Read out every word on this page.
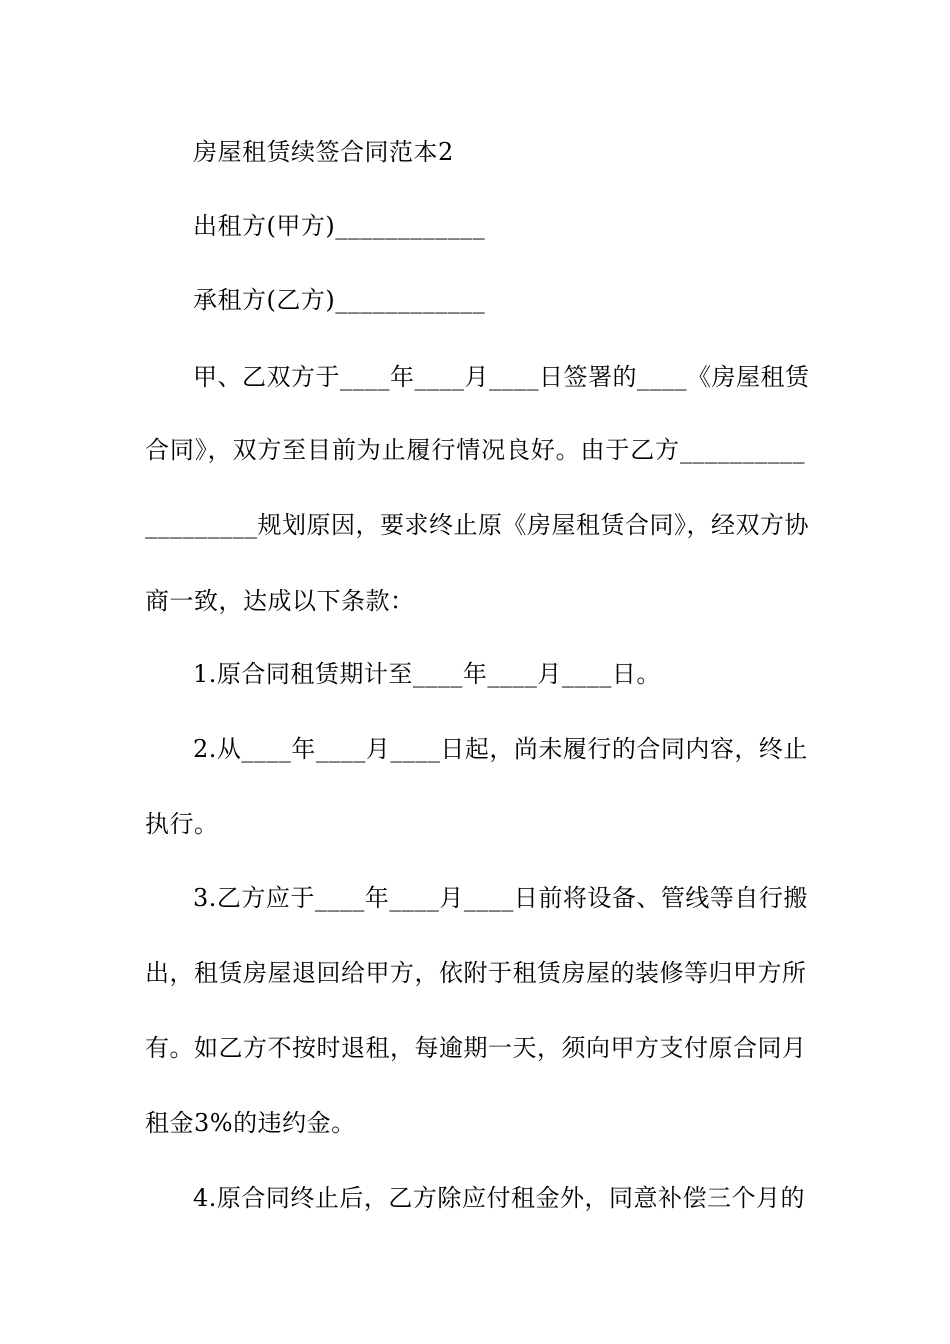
房屋租赁续签合同范本2
出租方(甲方)____________
承租方(乙方)____________
甲、乙双方于____年____月____日签署的____《房屋租赁
合同》，双方至目前为止履行情况良好。由于乙方__________
_________规划原因，要求终止原《房屋租赁合同》，经双方协
商一致，达成以下条款：
1.原合同租赁期计至____年____月____日。
2.从____年____月____日起，尚未履行的合同内容，终止
执行。
3.乙方应于____年____月____日前将设备、管线等自行搬
出，租赁房屋退回给甲方，依附于租赁房屋的装修等归甲方所
有。如乙方不按时退租，每逾期一天，须向甲方支付原合同月
租金3%的违约金。
4.原合同终止后，乙方除应付租金外，同意补偿三个月的
